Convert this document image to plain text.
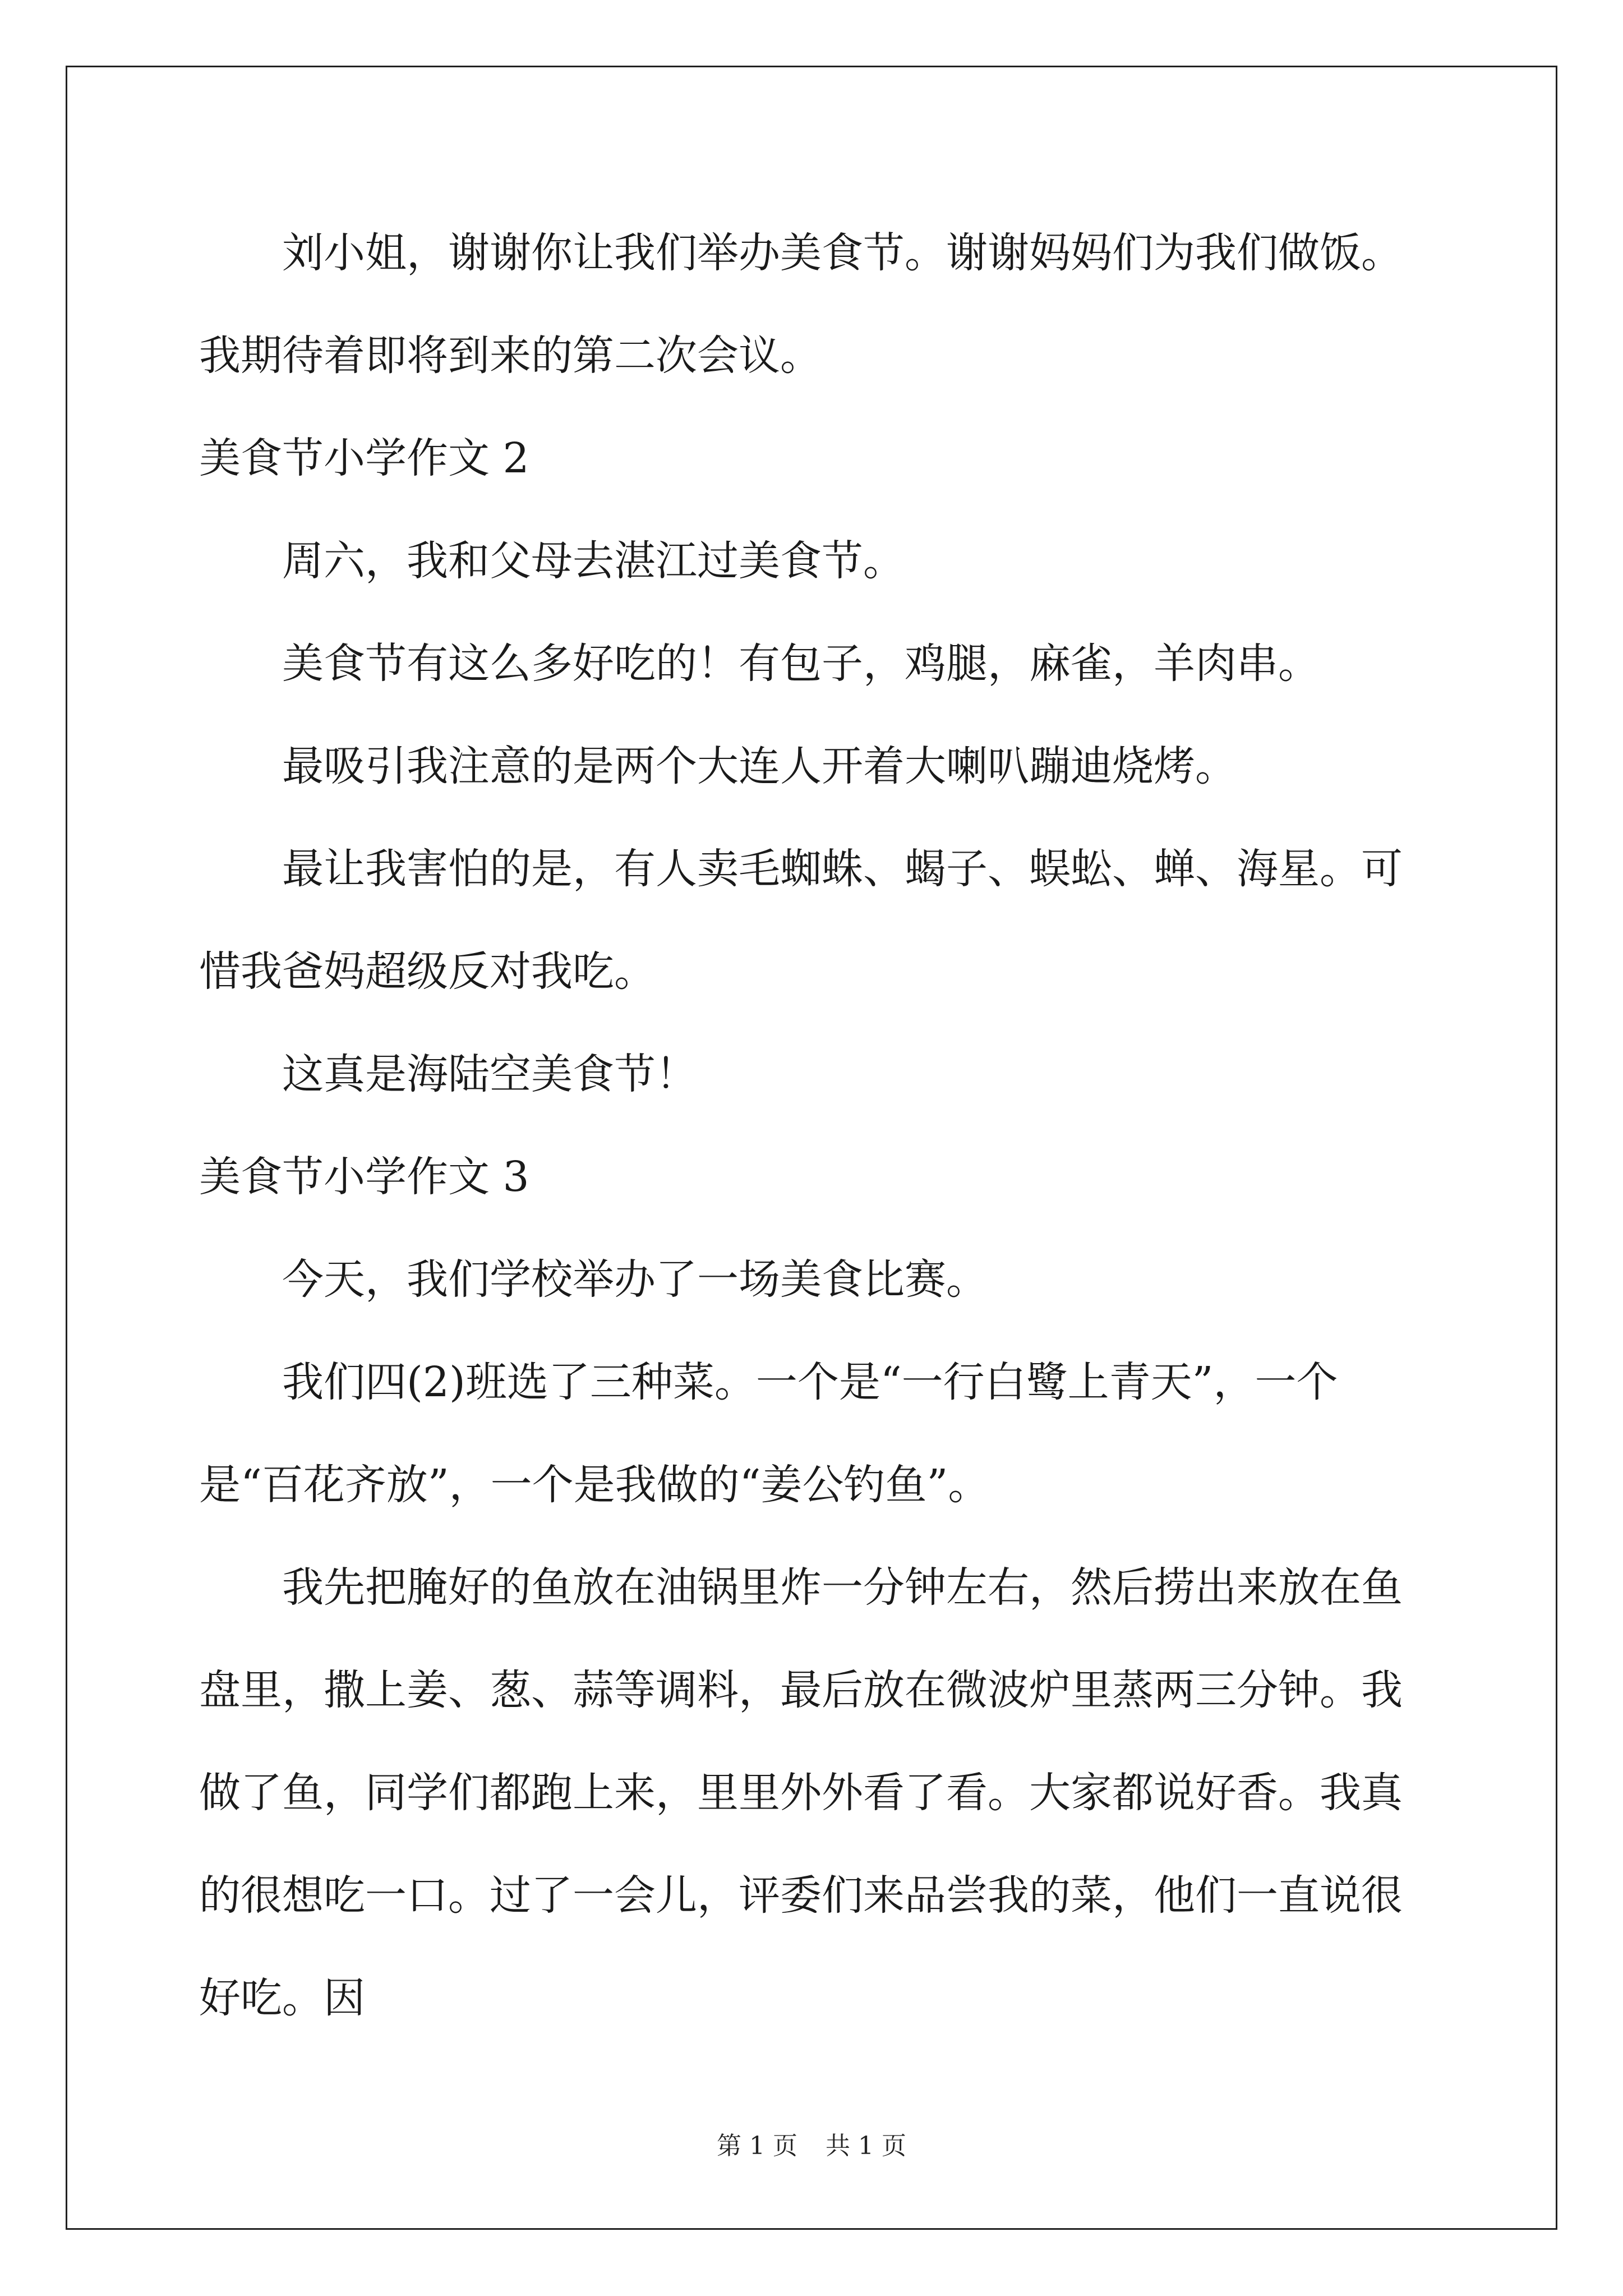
刘小姐，谢谢你让我们举办美食节。谢谢妈妈们为我们做饭。我期待着即将到来的第二次会议。

美食节小学作文 2

周六，我和父母去湛江过美食节。

美食节有这么多好吃的！有包子，鸡腿，麻雀，羊肉串。

最吸引我注意的是两个大连人开着大喇叭蹦迪烧烤。

最让我害怕的是，有人卖毛蜘蛛、蝎子、蜈蚣、蝉、海星。可惜我爸妈超级反对我吃。

这真是海陆空美食节！

美食节小学作文 3

今天，我们学校举办了一场美食比赛。

我们四(2)班选了三种菜。一个是“一行白鹭上青天”，一个是“百花齐放”，一个是我做的“姜公钓鱼”。

我先把腌好的鱼放在油锅里炸一分钟左右，然后捞出来放在鱼盘里，撒上姜、葱、蒜等调料，最后放在微波炉里蒸两三分钟。我做了鱼，同学们都跑上来，里里外外看了看。大家都说好香。我真的很想吃一口。过了一会儿，评委们来品尝我的菜，他们一直说很好吃。因

第 1 页 共 1 页
